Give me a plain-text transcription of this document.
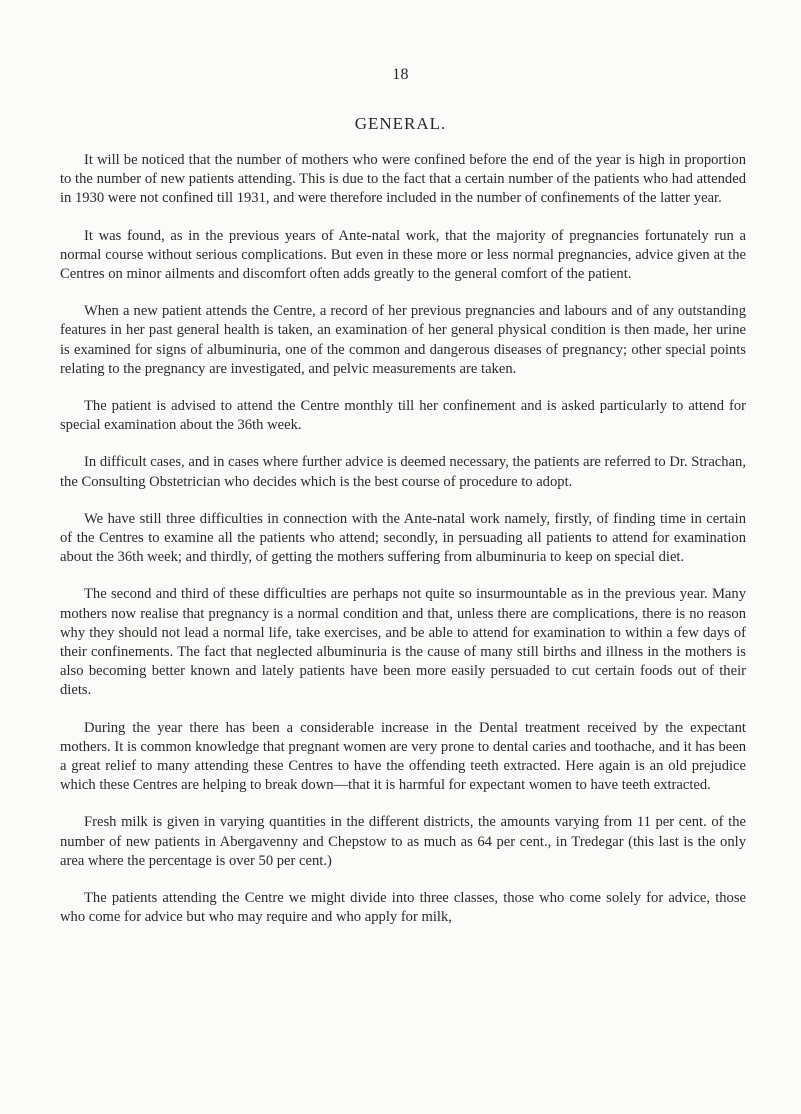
18
GENERAL.

It will be noticed that the number of mothers who were confined before the end of the year is high in proportion to the number of new patients attending. This is due to the fact that a certain number of the patients who had attended in 1930 were not confined till 1931, and were therefore included in the number of confinements of the latter year.

It was found, as in the previous years of Ante-natal work, that the majority of pregnancies fortunately run a normal course without serious complications. But even in these more or less normal pregnancies, advice given at the Centres on minor ailments and discomfort often adds greatly to the general comfort of the patient.

When a new patient attends the Centre, a record of her previous pregnancies and labours and of any outstanding features in her past general health is taken, an examination of her general physical condition is then made, her urine is examined for signs of albuminuria, one of the common and dangerous diseases of pregnancy; other special points relating to the pregnancy are investigated, and pelvic measurements are taken.

The patient is advised to attend the Centre monthly till her confinement and is asked particularly to attend for special examination about the 36th week.

In difficult cases, and in cases where further advice is deemed necessary, the patients are referred to Dr. Strachan, the Consulting Obstetrician who decides which is the best course of procedure to adopt.

We have still three difficulties in connection with the Ante-natal work namely, firstly, of finding time in certain of the Centres to examine all the patients who attend; secondly, in persuading all patients to attend for examination about the 36th week; and thirdly, of getting the mothers suffering from albuminuria to keep on special diet.

The second and third of these difficulties are perhaps not quite so insurmountable as in the previous year. Many mothers now realise that pregnancy is a normal condition and that, unless there are complications, there is no reason why they should not lead a normal life, take exercises, and be able to attend for examination to within a few days of their confinements. The fact that neglected albuminuria is the cause of many still births and illness in the mothers is also becoming better known and lately patients have been more easily persuaded to cut certain foods out of their diets.

During the year there has been a considerable increase in the Dental treatment received by the expectant mothers. It is common knowledge that pregnant women are very prone to dental caries and toothache, and it has been a great relief to many attending these Centres to have the offending teeth extracted. Here again is an old prejudice which these Centres are helping to break down—that it is harmful for expectant women to have teeth extracted.

Fresh milk is given in varying quantities in the different districts, the amounts varying from 11 per cent. of the number of new patients in Abergavenny and Chepstow to as much as 64 per cent., in Tredegar (this last is the only area where the percentage is over 50 per cent.)

The patients attending the Centre we might divide into three classes, those who come solely for advice, those who come for advice but who may require and who apply for milk,
